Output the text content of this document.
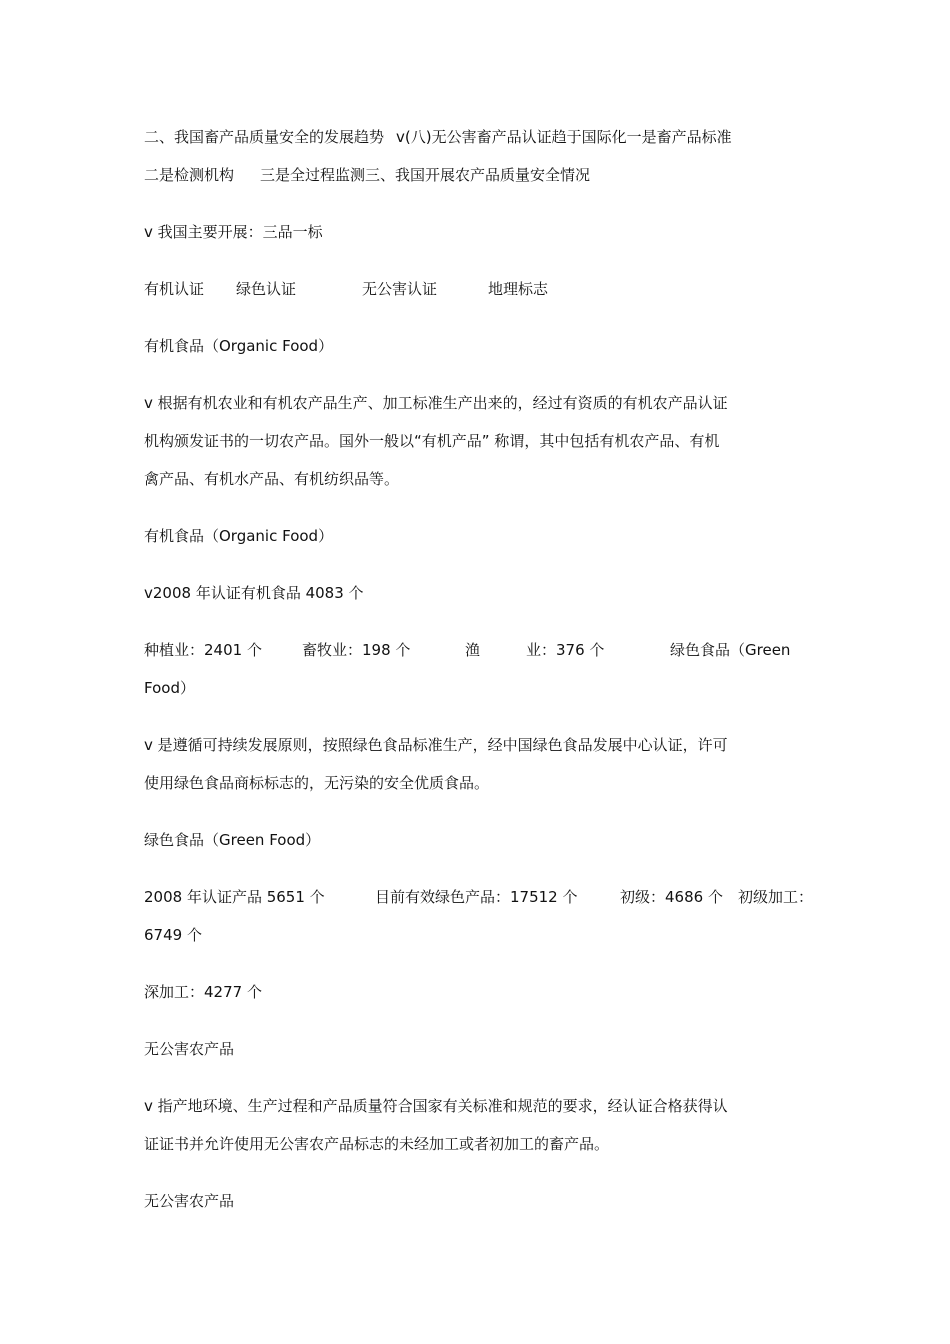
二、我国畜产品质量安全的发展趋势 v(八)无公害畜产品认证趋于国际化一是畜产品标准
二是检测机构 三是全过程监测三、我国开展农产品质量安全情况
v 我国主要开展：三品一标
有机认证 绿色认证	无公害认证	地理标志
有机食品（Organic Food）
v 根据有机农业和有机农产品生产、加工标准生产出来的，经过有资质的有机农产品认证
机构颁发证书的一切农产品。国外一般以“有机产品” 称谓，其中包括有机农产品、有机
禽产品、有机水产品、有机纺织品等。
有机食品（Organic Food）
v2008 年认证有机食品 4083 个
种植业：2401 个	畜牧业：198 个	渔	业：376 个	绿色食品（Green
Food）
v 是遵循可持续发展原则，按照绿色食品标准生产，经中国绿色食品发展中心认证，许可
使用绿色食品商标标志的，无污染的安全优质食品。
绿色食品（Green Food）
2008 年认证产品 5651 个	目前有效绿色产品：17512 个	初级：4686 个 初级加工：
6749 个
深加工：4277 个
无公害农产品
v 指产地环境、生产过程和产品质量符合国家有关标准和规范的要求，经认证合格获得认
证证书并允许使用无公害农产品标志的未经加工或者初加工的畜产品。
无公害农产品
